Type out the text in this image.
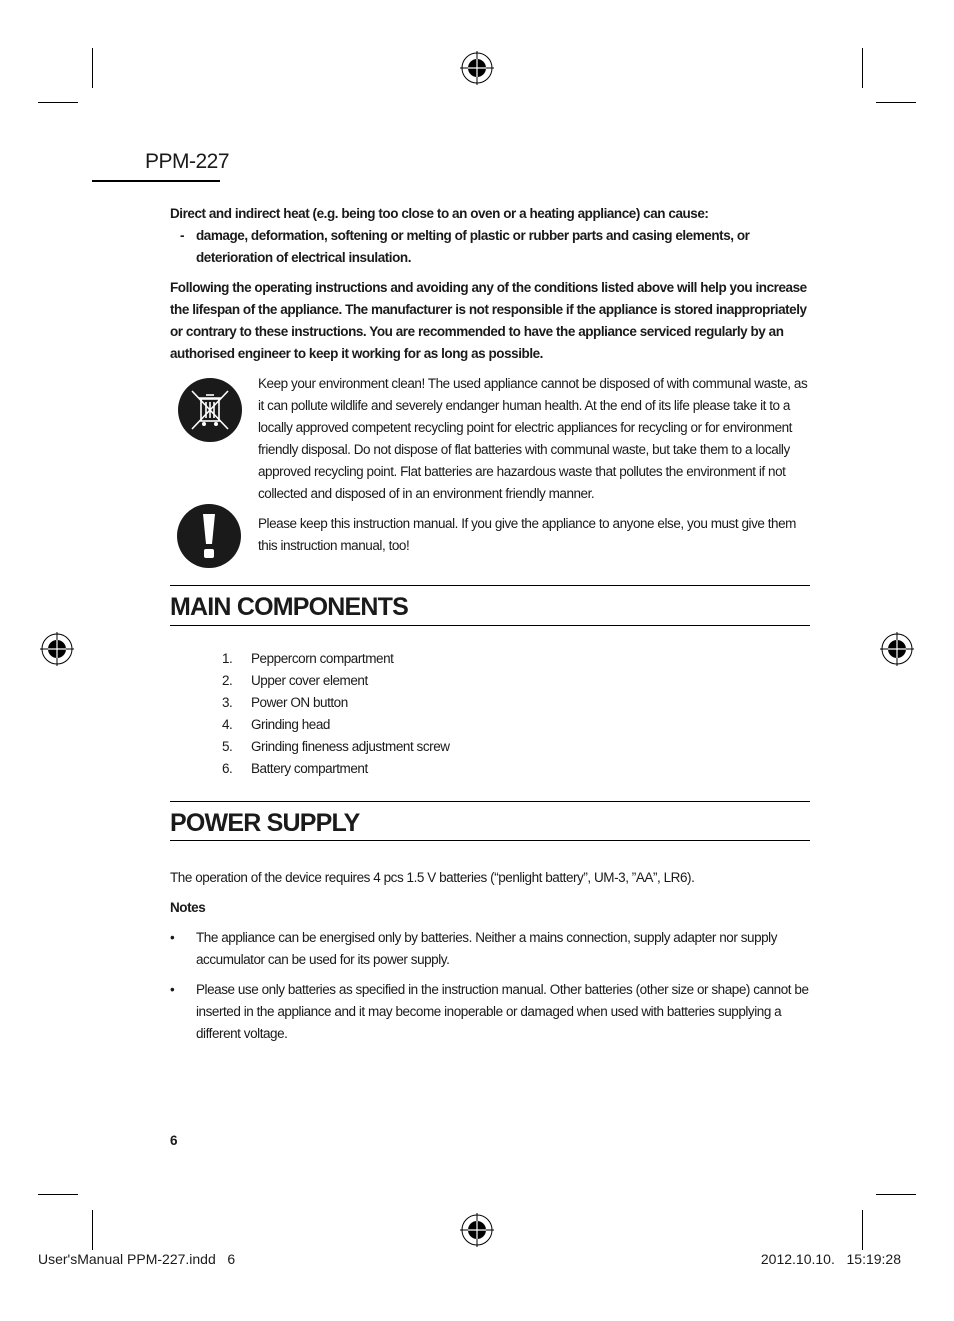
PPM-227
Direct and indirect heat (e.g. being too close to an oven or a heating appliance) can cause:
- damage, deformation, softening or melting of plastic or rubber parts and casing elements, or deterioration of electrical insulation.
Following the operating instructions and avoiding any of the conditions listed above will help you increase the lifespan of the appliance. The manufacturer is not responsible if the appliance is stored inappropriately or contrary to these instructions. You are recommended to have the appliance serviced regularly by an authorised engineer to keep it working for as long as possible.
Keep your environment clean! The used appliance cannot be disposed of with communal waste, as it can pollute wildlife and severely endanger human health. At the end of its life please take it to a locally approved competent recycling point for electric appliances for recycling or for environment friendly disposal. Do not dispose of flat batteries with communal waste, but take them to a locally approved recycling point. Flat batteries are hazardous waste that pollutes the environment if not collected and disposed of in an environment friendly manner.
Please keep this instruction manual. If you give the appliance to anyone else, you must give them this instruction manual, too!
MAIN COMPONENTS
1. Peppercorn compartment
2. Upper cover element
3. Power ON button
4. Grinding head
5. Grinding fineness adjustment screw
6. Battery compartment
POWER SUPPLY
The operation of the device requires 4 pcs 1.5 V batteries (“penlight battery”, UM-3, ”AA”, LR6).
Notes
• The appliance can be energised only by batteries. Neither a mains connection, supply adapter nor supply accumulator can be used for its power supply.
• Please use only batteries as specified in the instruction manual. Other batteries (other size or shape) cannot be inserted in the appliance and it may become inoperable or damaged when used with batteries supplying a different voltage.
6
User'sManual PPM-227.indd   6	2012.10.10.   15:19:28
